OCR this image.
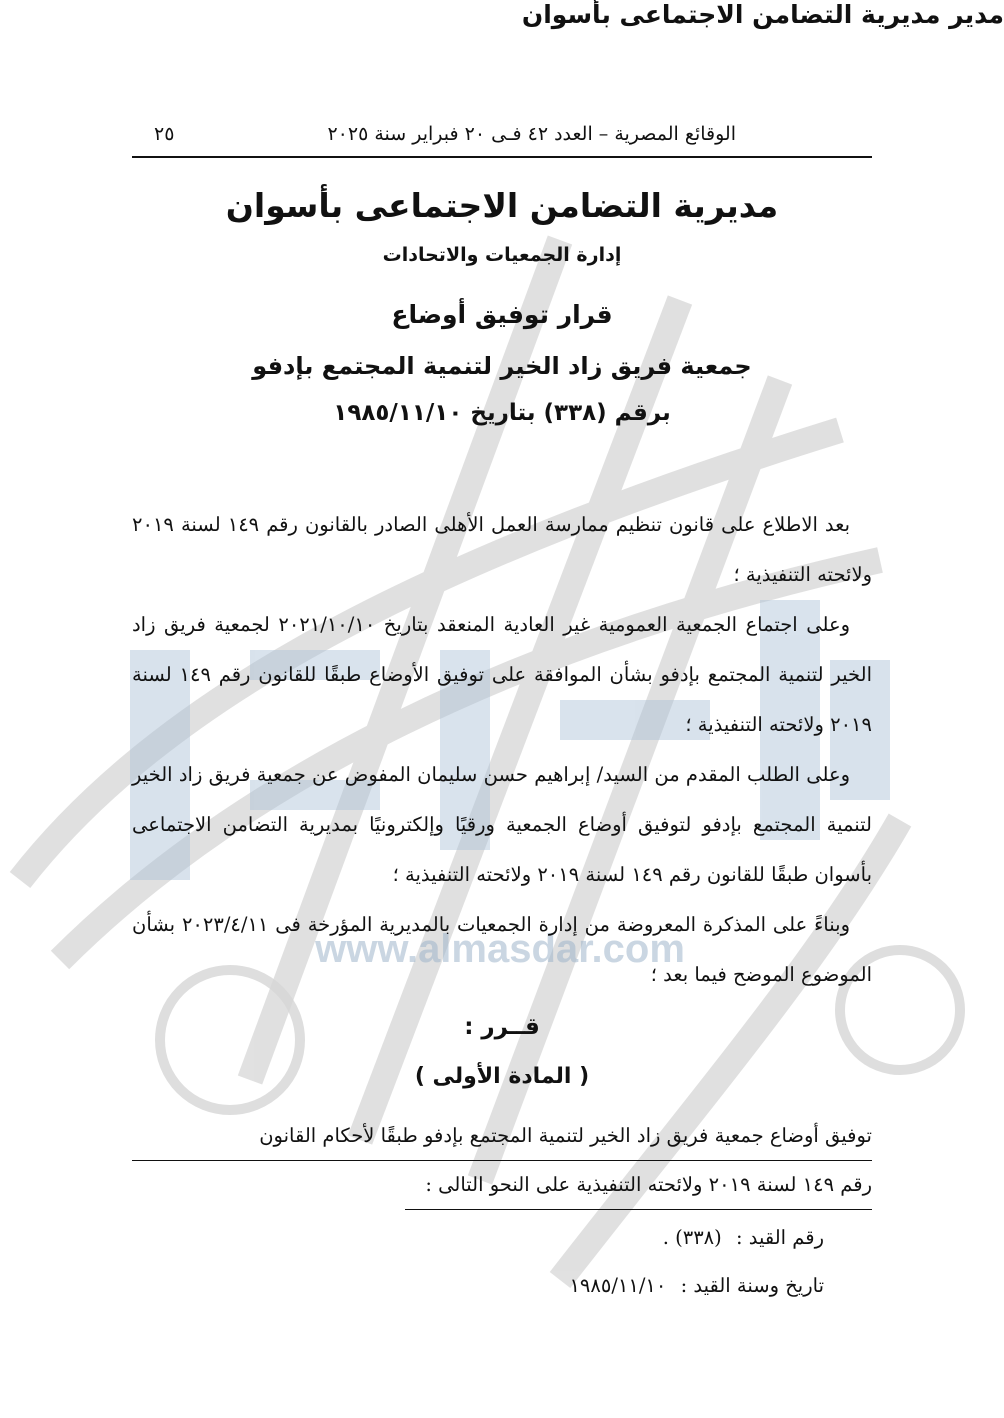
www.almasdar.com
الوقائع المصرية – العدد ٤٢ فـى ٢٠ فبراير سنة ٢٠٢٥
٢٥
مديرية التضامن الاجتماعى بأسوان
إدارة الجمعيات والاتحادات
قرار توفيق أوضاع
جمعية فريق زاد الخير لتنمية المجتمع بإدفو
برقم (٣٣٨) بتاريخ ١٩٨٥/١١/١٠
مدير مديرية التضامن الاجتماعى بأسوان

بعد الاطلاع على قانون تنظيم ممارسة العمل الأهلى الصادر بالقانون رقم ١٤٩ لسنة ٢٠١٩ ولائحته التنفيذية ؛

وعلى اجتماع الجمعية العمومية غير العادية المنعقد بتاريخ ٢٠٢١/١٠/١٠ لجمعية فريق زاد الخير لتنمية المجتمع بإدفو بشأن الموافقة على توفيق الأوضاع طبقًا للقانون رقم ١٤٩ لسنة ٢٠١٩ ولائحته التنفيذية ؛

وعلى الطلب المقدم من السيد/ إبراهيم حسن سليمان المفوض عن جمعية فريق زاد الخير لتنمية المجتمع بإدفو لتوفيق أوضاع الجمعية ورقيًا وإلكترونيًا بمديرية التضامن الاجتماعى بأسوان طبقًا للقانون رقم ١٤٩ لسنة ٢٠١٩ ولائحته التنفيذية ؛

وبناءً على المذكرة المعروضة من إدارة الجمعيات بالمديرية المؤرخة فى ٢٠٢٣/٤/١١ بشأن الموضوع الموضح فيما بعد ؛

قــرر :
( المادة الأولى )

توفيق أوضاع جمعية فريق زاد الخير لتنمية المجتمع بإدفو طبقًا لأحكام القانون

رقم ١٤٩ لسنة ٢٠١٩ ولائحته التنفيذية على النحو التالى :

رقم القيد : (٣٣٨) .
تاريخ وسنة القيد : ١٩٨٥/١١/١٠
